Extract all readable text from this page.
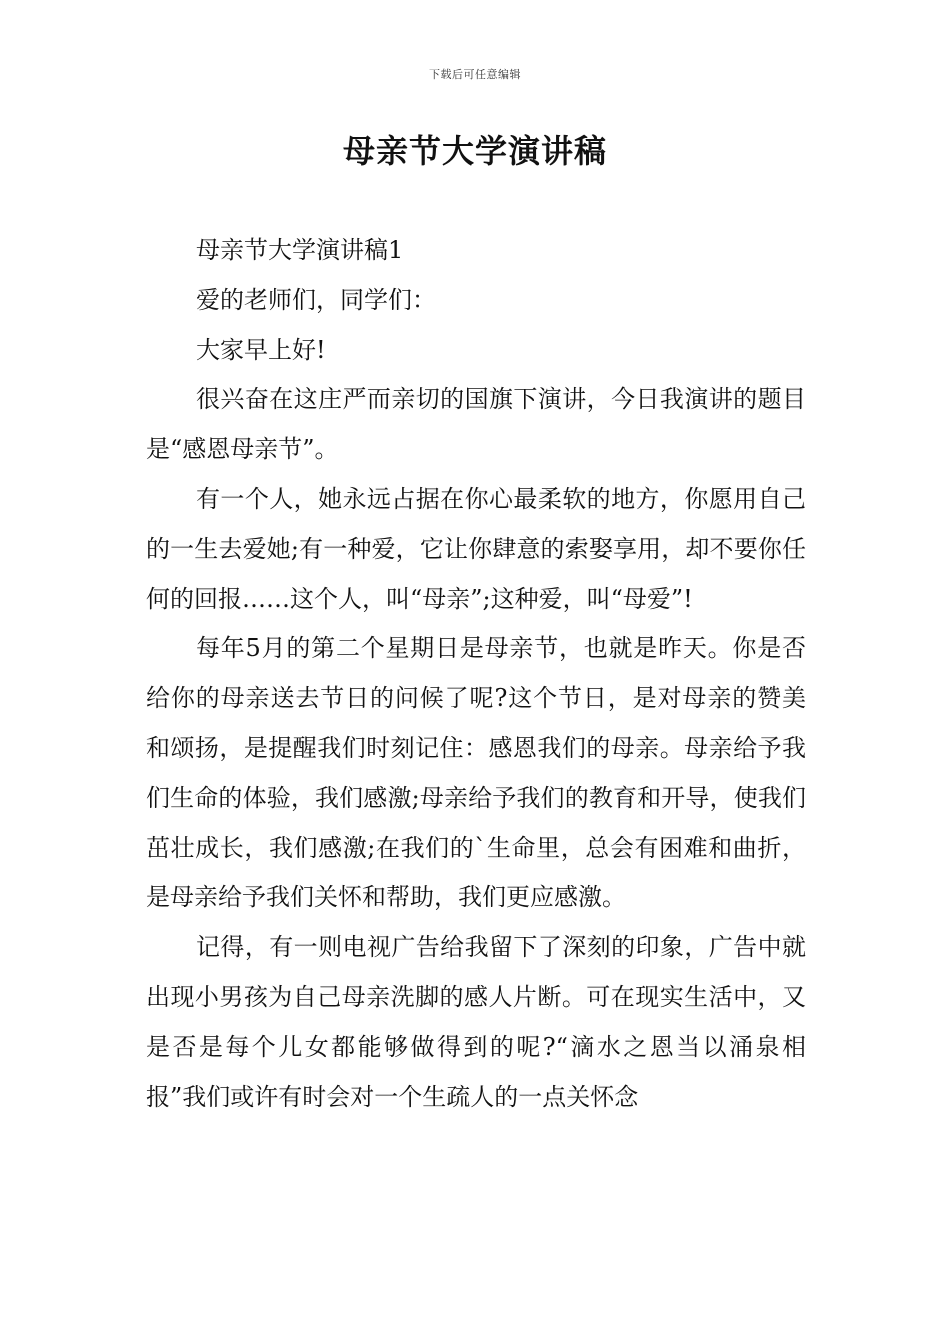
下载后可任意编辑
母亲节大学演讲稿

母亲节大学演讲稿1

爱的老师们，同学们：

大家早上好!

很兴奋在这庄严而亲切的国旗下演讲，今日我演讲的题目是“感恩母亲节”。

有一个人，她永远占据在你心最柔软的地方，你愿用自己的一生去爱她;有一种爱，它让你肆意的索娶享用，却不要你任何的回报……这个人，叫“母亲”;这种爱，叫“母爱”!

每年5月的第二个星期日是母亲节，也就是昨天。你是否给你的母亲送去节日的问候了呢?这个节日，是对母亲的赞美和颂扬，是提醒我们时刻记住：感恩我们的母亲。母亲给予我们生命的体验，我们感激;母亲给予我们的教育和开导，使我们茁壮成长，我们感激;在我们的`生命里，总会有困难和曲折，是母亲给予我们关怀和帮助，我们更应感激。

记得，有一则电视广告给我留下了深刻的印象，广告中就出现小男孩为自己母亲洗脚的感人片断。可在现实生活中，又是否是每个儿女都能够做得到的呢?“滴水之恩当以涌泉相报”我们或许有时会对一个生疏人的一点关怀念
